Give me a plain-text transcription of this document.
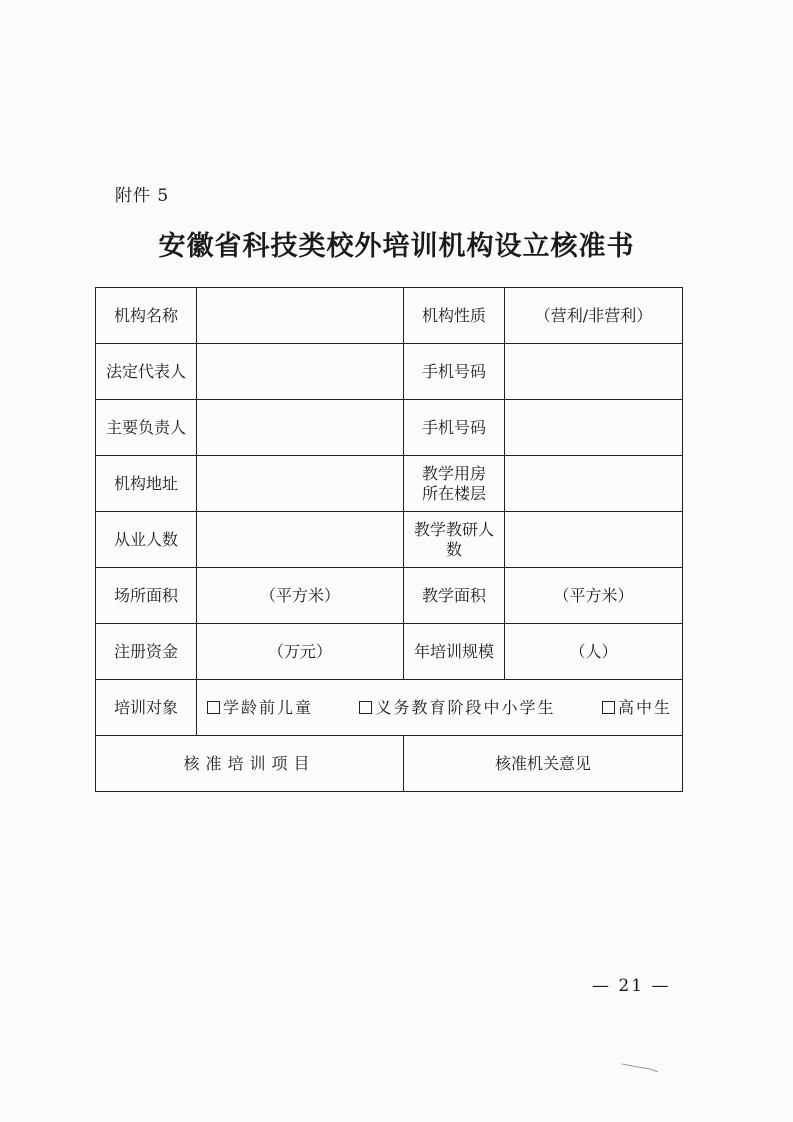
附件 5
安徽省科技类校外培训机构设立核准书
机构名称		机构性质	（营利/非营利）
法定代表人		手机号码	
主要负责人		手机号码	
机构地址		教学用房
所在楼层	

从业人数		教学教研人
数	

场所面积	（平方米）	教学面积	（平方米）
注册资金	（万元）	年培训规模	（人）
培训对象	学龄前儿童 义务教育阶段中小学生 高中生		

核准培训项目		核准机关意见	
— 21 —
